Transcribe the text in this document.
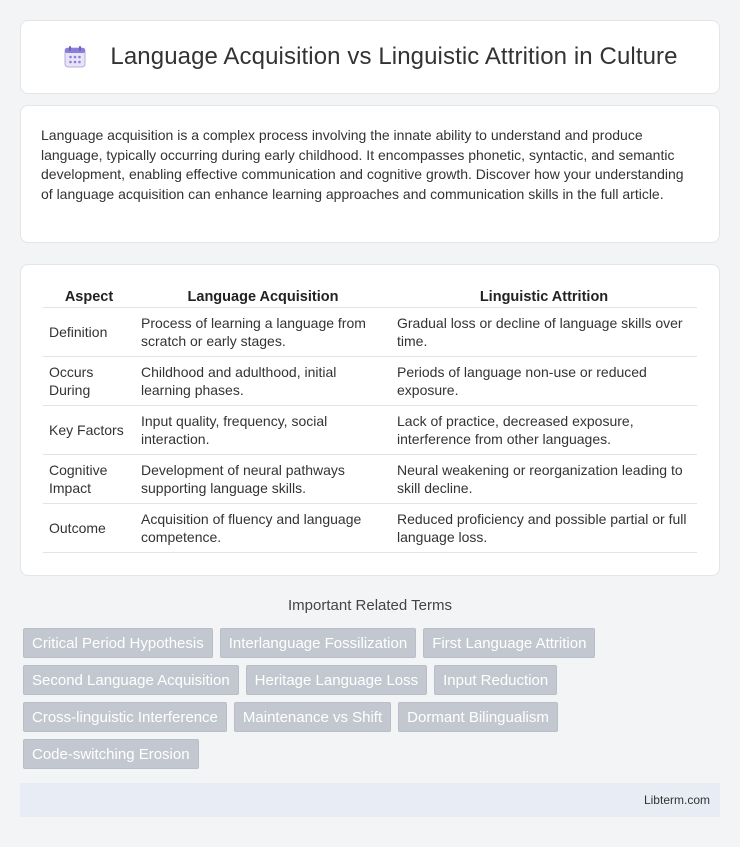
Language Acquisition vs Linguistic Attrition in Culture

Language acquisition is a complex process involving the innate ability to understand and produce language, typically occurring during early childhood. It encompasses phonetic, syntactic, and semantic development, enabling effective communication and cognitive growth. Discover how your understanding of language acquisition can enhance learning approaches and communication skills in the full article.

Aspect	Language Acquisition	Linguistic Attrition
Definition	Process of learning a language from scratch or early stages.	Gradual loss or decline of language skills over time.
Occurs During	Childhood and adulthood, initial learning phases.	Periods of language non-use or reduced exposure.
Key Factors	Input quality, frequency, social interaction.	Lack of practice, decreased exposure, interference from other languages.
Cognitive Impact	Development of neural pathways supporting language skills.	Neural weakening or reorganization leading to skill decline.
Outcome	Acquisition of fluency and language competence.	Reduced proficiency and possible partial or full language loss.
Important Related Terms
Critical Period Hypothesis	Interlanguage Fossilization	First Language Attrition
Second Language Acquisition	Heritage Language Loss	Input Reduction
Cross-linguistic Interference	Maintenance vs Shift	Dormant Bilingualism
Code-switching Erosion
Libterm.com
